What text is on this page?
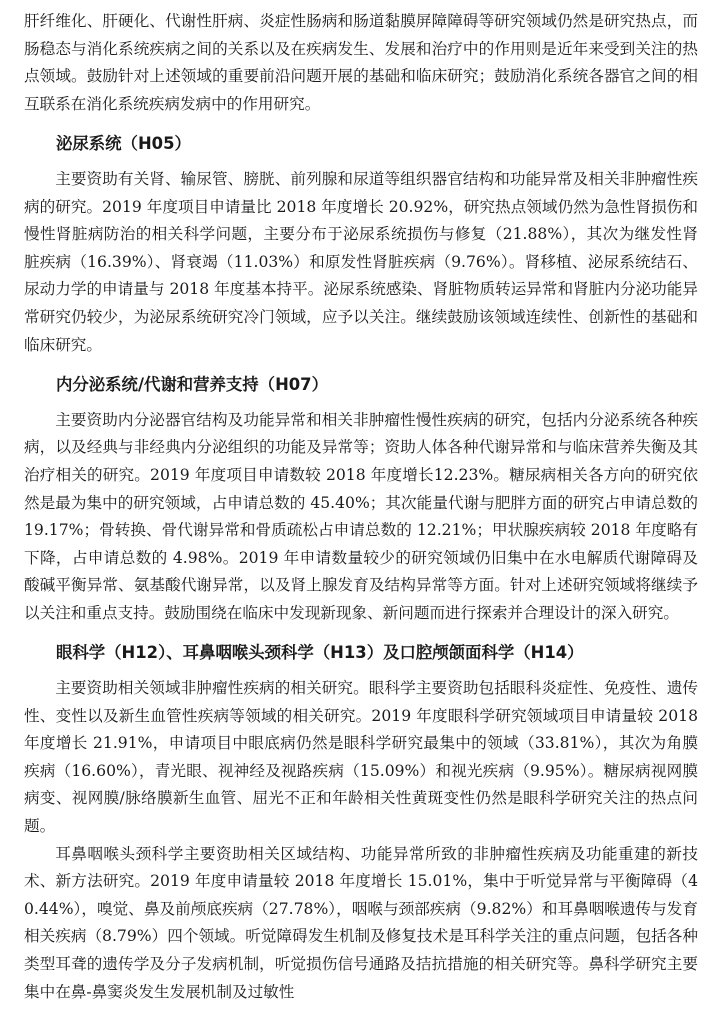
肝纤维化、肝硬化、代谢性肝病、炎症性肠病和肠道黏膜屏障障碍等研究领域仍然是研究热点，而肠稳态与消化系统疾病之间的关系以及在疾病发生、发展和治疗中的作用则是近年来受到关注的热点领域。鼓励针对上述领域的重要前沿问题开展的基础和临床研究；鼓励消化系统各器官之间的相互联系在消化系统疾病发病中的作用研究。

泌尿系统（H05）

主要资助有关肾、输尿管、膀胱、前列腺和尿道等组织器官结构和功能异常及相关非肿瘤性疾病的研究。2019 年度项目申请量比 2018 年度增长 20.92%，研究热点领域仍然为急性肾损伤和慢性肾脏病防治的相关科学问题，主要分布于泌尿系统损伤与修复（21.88%），其次为继发性肾脏疾病（16.39%）、肾衰竭（11.03%）和原发性肾脏疾病（9.76%）。肾移植、泌尿系统结石、尿动力学的申请量与 2018 年度基本持平。泌尿系统感染、肾脏物质转运异常和肾脏内分泌功能异常研究仍较少，为泌尿系统研究冷门领域，应予以关注。继续鼓励该领域连续性、创新性的基础和临床研究。

内分泌系统/代谢和营养支持（H07）

主要资助内分泌器官结构及功能异常和相关非肿瘤性慢性疾病的研究，包括内分泌系统各种疾病，以及经典与非经典内分泌组织的功能及异常等；资助人体各种代谢异常和与临床营养失衡及其治疗相关的研究。2019 年度项目申请数较 2018 年度增长12.23%。糖尿病相关各方向的研究依然是最为集中的研究领域，占申请总数的 45.40%；其次能量代谢与肥胖方面的研究占申请总数的 19.17%；骨转换、骨代谢异常和骨质疏松占申请总数的 12.21%；甲状腺疾病较 2018 年度略有下降，占申请总数的 4.98%。2019 年申请数量较少的研究领域仍旧集中在水电解质代谢障碍及酸碱平衡异常、氨基酸代谢异常，以及肾上腺发育及结构异常等方面。针对上述研究领域将继续予以关注和重点支持。鼓励围绕在临床中发现新现象、新问题而进行探索并合理设计的深入研究。

眼科学（H12）、耳鼻咽喉头颈科学（H13）及口腔颅颌面科学（H14）

主要资助相关领域非肿瘤性疾病的相关研究。眼科学主要资助包括眼科炎症性、免疫性、遗传性、变性以及新生血管性疾病等领域的相关研究。2019 年度眼科学研究领域项目申请量较 2018 年度增长 21.91%，申请项目中眼底病仍然是眼科学研究最集中的领域（33.81%），其次为角膜疾病（16.60%），青光眼、视神经及视路疾病（15.09%）和视光疾病（9.95%）。糖尿病视网膜病变、视网膜/脉络膜新生血管、屈光不正和年龄相关性黄斑变性仍然是眼科学研究关注的热点问题。

耳鼻咽喉头颈科学主要资助相关区域结构、功能异常所致的非肿瘤性疾病及功能重建的新技术、新方法研究。2019 年度申请量较 2018 年度增长 15.01%，集中于听觉异常与平衡障碍（40.44%），嗅觉、鼻及前颅底疾病（27.78%），咽喉与颈部疾病（9.82%）和耳鼻咽喉遗传与发育相关疾病（8.79%）四个领域。听觉障碍发生机制及修复技术是耳科学关注的重点问题，包括各种类型耳聋的遗传学及分子发病机制，听觉损伤信号通路及拮抗措施的相关研究等。鼻科学研究主要集中在鼻-鼻窦炎发生发展机制及过敏性
